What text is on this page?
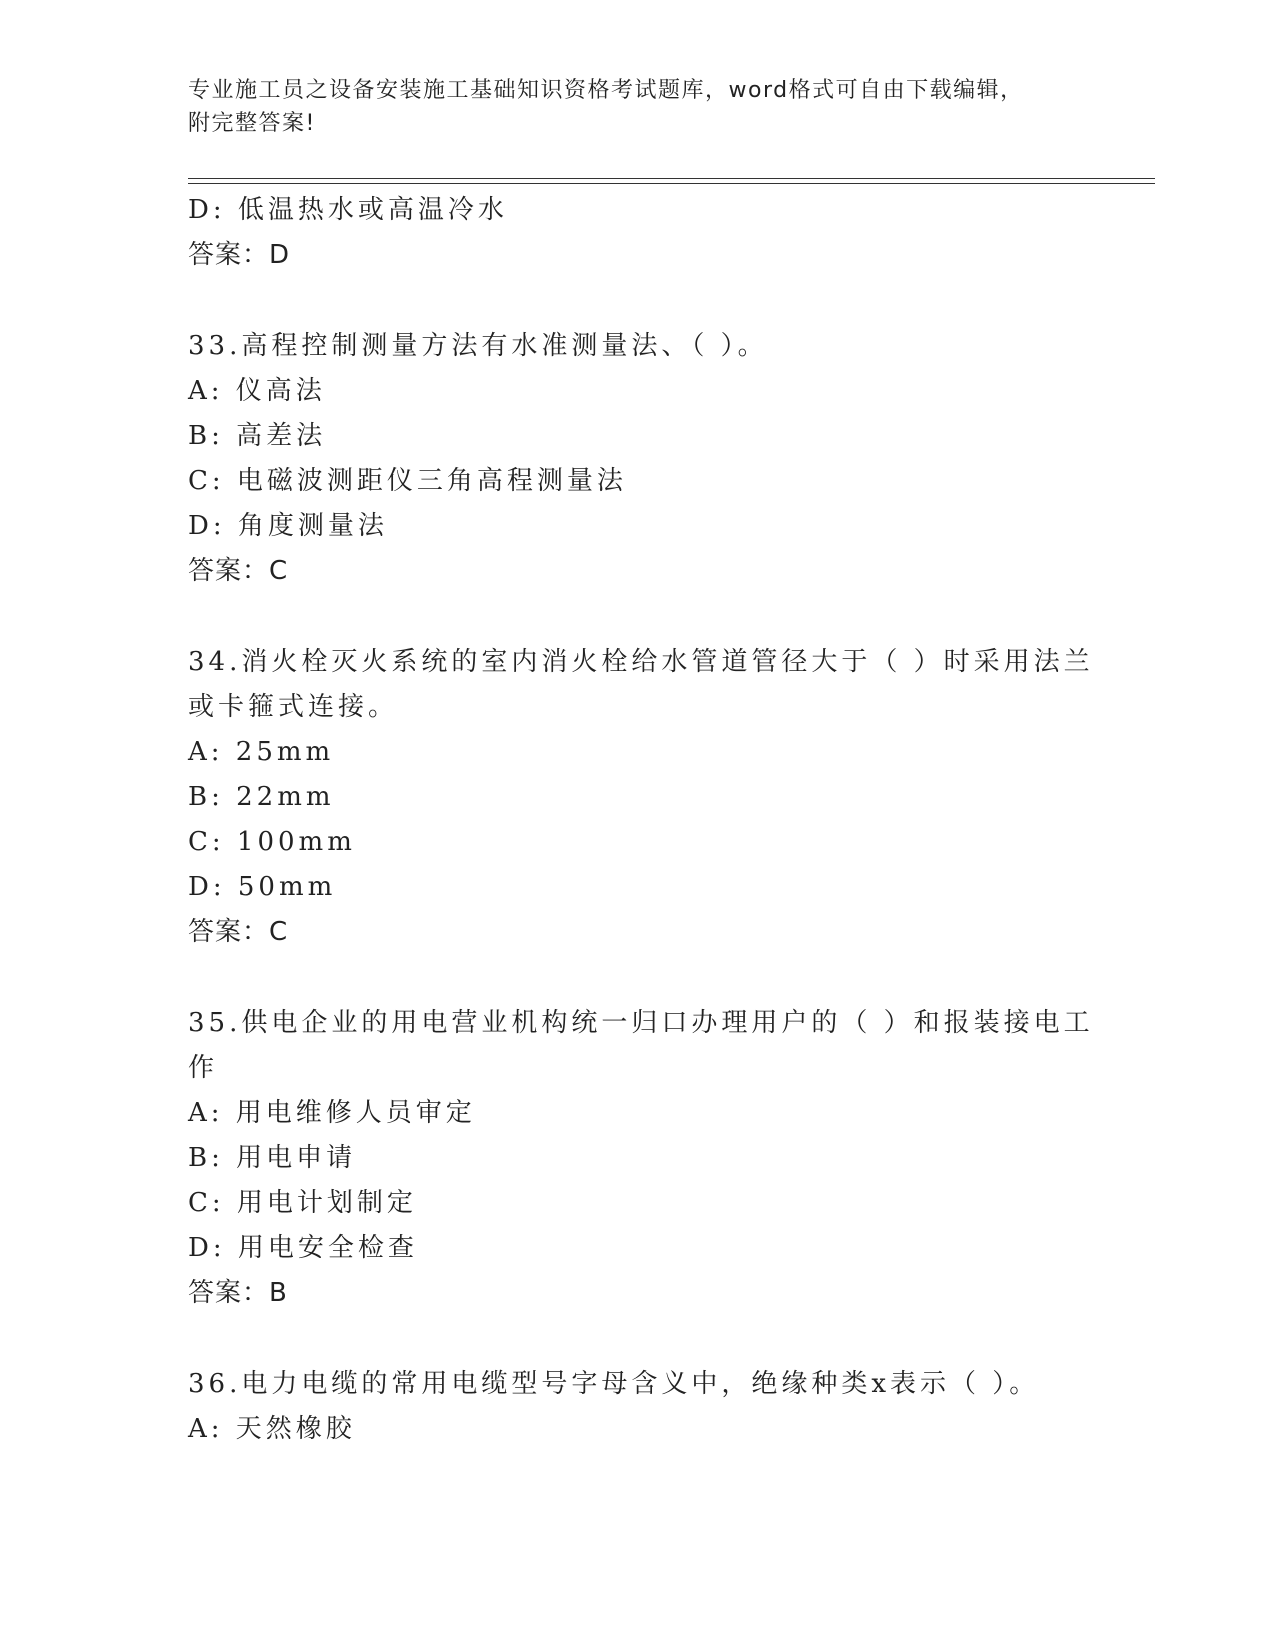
专业施工员之设备安装施工基础知识资格考试题库，word格式可自由下载编辑，
附完整答案!
D: 低温热水或高温冷水
答案：D
33.高程控制测量方法有水准测量法、（ ）。
A: 仪高法
B: 高差法
C: 电磁波测距仪三角高程测量法
D: 角度测量法
答案：C
34.消火栓灭火系统的室内消火栓给水管道管径大于（ ）时采用法兰
或卡箍式连接。
A: 25mm
B: 22mm
C: 100mm
D: 50mm
答案：C
35.供电企业的用电营业机构统一归口办理用户的（ ）和报装接电工
作
A: 用电维修人员审定
B: 用电申请
C: 用电计划制定
D: 用电安全检查
答案：B
36.电力电缆的常用电缆型号字母含义中，绝缘种类x表示（ ）。
A: 天然橡胶
